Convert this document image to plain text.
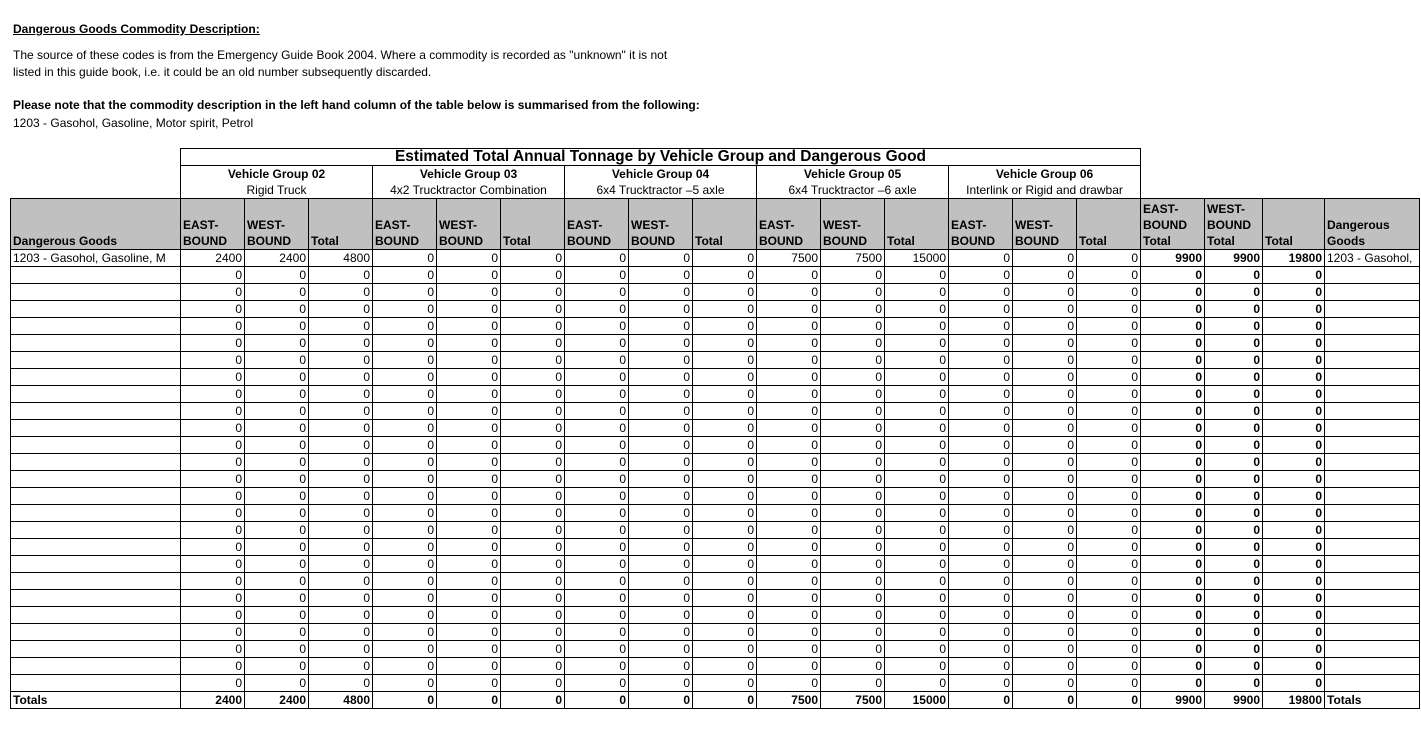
Dangerous Goods Commodity Description:
The source of these codes is from the Emergency Guide Book 2004. Where a commodity is recorded as "unknown" it is not
listed in this guide book, i.e. it could be an old number subsequently discarded.
Please note that the commodity description in the left hand column of the table below is summarised from the following:
1203 - Gasohol, Gasoline, Motor spirit, Petrol
	Estimated Total Annual Tonnage by Vehicle Group and Dangerous Good																		
	Vehicle Group 02			Vehicle Group 03			Vehicle Group 04			Vehicle Group 05			Vehicle Group 06						
	Rigid Truck			4x2 Trucktractor Combination			6x4 Trucktractor –5 axle			6x4 Trucktractor –6 axle			Interlink or Rigid and drawbar						
Dangerous Goods	EAST-BOUND	WEST-BOUND	Total	EAST-BOUND	WEST-BOUND	Total	EAST-BOUND	WEST-BOUND	Total	EAST-BOUND	WEST-BOUND	Total	EAST-BOUND	WEST-BOUND	Total	EAST-BOUND Total	WEST-BOUND Total	Total	Dangerous Goods
1203 - Gasohol, Gasoline, M	2400	2400	4800	0	0	0	0	0	0	7500	7500	15000	0	0	0	9900	9900	19800	1203 - Gasohol,
	0	0	0	0	0	0	0	0	0	0	0	0	0	0	0	0	0	0	
	0	0	0	0	0	0	0	0	0	0	0	0	0	0	0	0	0	0	
	0	0	0	0	0	0	0	0	0	0	0	0	0	0	0	0	0	0	
	0	0	0	0	0	0	0	0	0	0	0	0	0	0	0	0	0	0	
	0	0	0	0	0	0	0	0	0	0	0	0	0	0	0	0	0	0	
	0	0	0	0	0	0	0	0	0	0	0	0	0	0	0	0	0	0	
	0	0	0	0	0	0	0	0	0	0	0	0	0	0	0	0	0	0	
	0	0	0	0	0	0	0	0	0	0	0	0	0	0	0	0	0	0	
	0	0	0	0	0	0	0	0	0	0	0	0	0	0	0	0	0	0	
	0	0	0	0	0	0	0	0	0	0	0	0	0	0	0	0	0	0	
	0	0	0	0	0	0	0	0	0	0	0	0	0	0	0	0	0	0	
	0	0	0	0	0	0	0	0	0	0	0	0	0	0	0	0	0	0	
	0	0	0	0	0	0	0	0	0	0	0	0	0	0	0	0	0	0	
	0	0	0	0	0	0	0	0	0	0	0	0	0	0	0	0	0	0	
	0	0	0	0	0	0	0	0	0	0	0	0	0	0	0	0	0	0	
	0	0	0	0	0	0	0	0	0	0	0	0	0	0	0	0	0	0	
	0	0	0	0	0	0	0	0	0	0	0	0	0	0	0	0	0	0	
	0	0	0	0	0	0	0	0	0	0	0	0	0	0	0	0	0	0	
	0	0	0	0	0	0	0	0	0	0	0	0	0	0	0	0	0	0	
	0	0	0	0	0	0	0	0	0	0	0	0	0	0	0	0	0	0	
	0	0	0	0	0	0	0	0	0	0	0	0	0	0	0	0	0	0	
	0	0	0	0	0	0	0	0	0	0	0	0	0	0	0	0	0	0	
	0	0	0	0	0	0	0	0	0	0	0	0	0	0	0	0	0	0	
	0	0	0	0	0	0	0	0	0	0	0	0	0	0	0	0	0	0	
	0	0	0	0	0	0	0	0	0	0	0	0	0	0	0	0	0	0	
Totals	2400	2400	4800	0	0	0	0	0	0	7500	7500	15000	0	0	0	9900	9900	19800	Totals
